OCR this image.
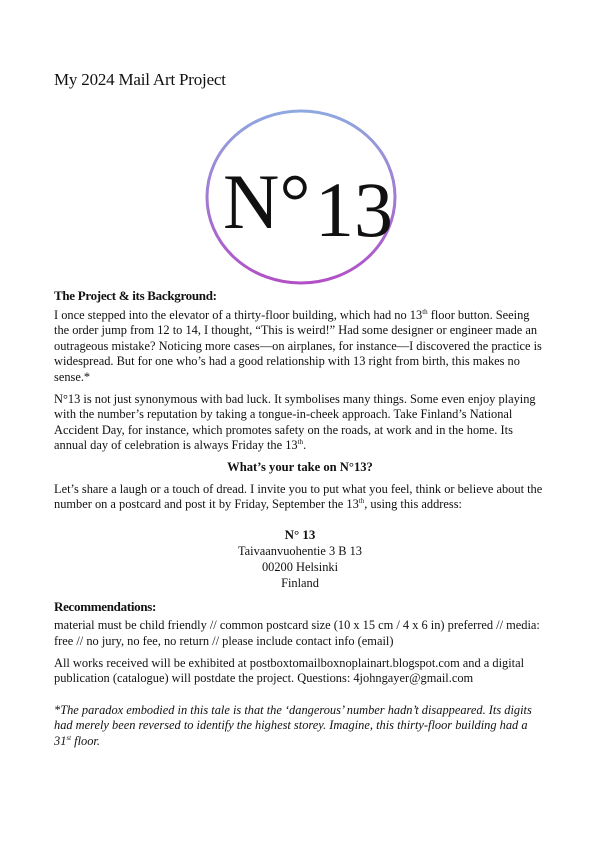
My 2024 Mail Art Project
N° 13
The Project & its Background:

I once stepped into the elevator of a thirty-floor building, which had no 13th floor button. Seeing the order jump from 12 to 14, I thought, “This is weird!” Had some designer or engineer made an outrageous mistake? Noticing more cases—on airplanes, for instance—I discovered the practice is widespread. But for one who’s had a good relationship with 13 right from birth, this makes no sense.*

N°13 is not just synonymous with bad luck. It symbolises many things. Some even enjoy playing with the number’s reputation by taking a tongue-in-cheek approach. Take Finland’s National Accident Day, for instance, which promotes safety on the roads, at work and in the home. Its annual day of celebration is always Friday the 13th.

What’s your take on N°13?

Let’s share a laugh or a touch of dread. I invite you to put what you feel, think or believe about the number on a postcard and post it by Friday, September the 13th, using this address:

N° 13
Taivaanvuohentie 3 B 13
00200 Helsinki
Finland
Recommendations:

material must be child friendly // common postcard size (10 x 15 cm / 4 x 6 in) preferred // media: free // no jury, no fee, no return // please include contact info (email)

All works received will be exhibited at postboxtomailboxnoplainart.blogspot.com and a digital publication (catalogue) will postdate the project. Questions: 4johngayer@gmail.com

*The paradox embodied in this tale is that the ‘dangerous’ number hadn’t disappeared. Its digits had merely been reversed to identify the highest storey. Imagine, this thirty-floor building had a 31st floor.
